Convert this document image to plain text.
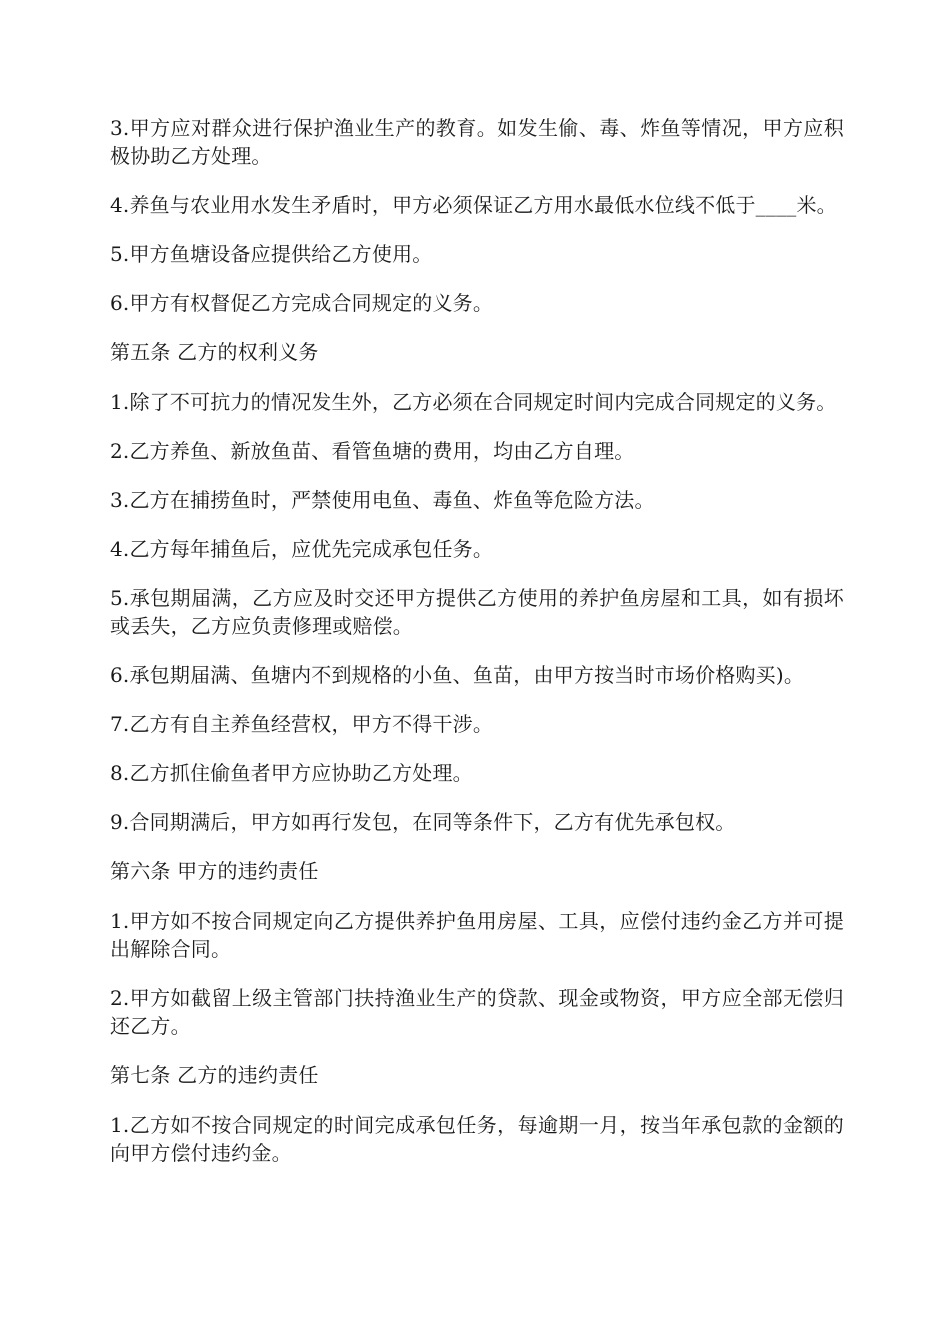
3.甲方应对群众进行保护渔业生产的教育。如发生偷、毒、炸鱼等情况，甲方应积极协助乙方处理。

4.养鱼与农业用水发生矛盾时，甲方必须保证乙方用水最低水位线不低于____米。

5.甲方鱼塘设备应提供给乙方使用。

6.甲方有权督促乙方完成合同规定的义务。

第五条 乙方的权利义务

1.除了不可抗力的情况发生外，乙方必须在合同规定时间内完成合同规定的义务。

2.乙方养鱼、新放鱼苗、看管鱼塘的费用，均由乙方自理。

3.乙方在捕捞鱼时，严禁使用电鱼、毒鱼、炸鱼等危险方法。

4.乙方每年捕鱼后，应优先完成承包任务。

5.承包期届满，乙方应及时交还甲方提供乙方使用的养护鱼房屋和工具，如有损坏或丢失，乙方应负责修理或赔偿。

6.承包期届满、鱼塘内不到规格的小鱼、鱼苗，由甲方按当时市场价格购买)。

7.乙方有自主养鱼经营权，甲方不得干涉。

8.乙方抓住偷鱼者甲方应协助乙方处理。

9.合同期满后，甲方如再行发包，在同等条件下，乙方有优先承包权。

第六条 甲方的违约责任

1.甲方如不按合同规定向乙方提供养护鱼用房屋、工具，应偿付违约金乙方并可提出解除合同。

2.甲方如截留上级主管部门扶持渔业生产的贷款、现金或物资，甲方应全部无偿归还乙方。

第七条 乙方的违约责任

1.乙方如不按合同规定的时间完成承包任务，每逾期一月，按当年承包款的金额的向甲方偿付违约金。
